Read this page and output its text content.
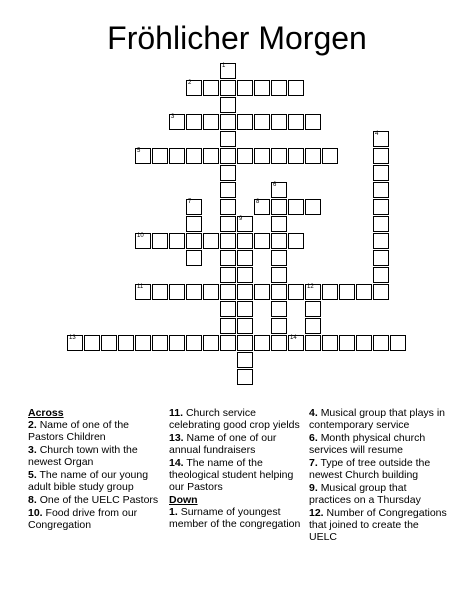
Fröhlicher Morgen
2
3
5
8
10
11	12
13	14
1
4
6
7
9
Across
2. Name of one of the Pastors Children
3. Church town with the newest Organ
5. The name of our young adult bible study group
8. One of the UELC Pastors
10. Food drive from our Congregation
11. Church service celebrating good crop yields
13. Name of one of our annual fundraisers
14. The name of the theological student helping our Pastors
Down
1. Surname of youngest member of the congregation
4. Musical group that plays in contemporary service
6. Month physical church services will resume
7. Type of tree outside the newest Church building
9. Musical group that practices on a Thursday
12. Number of Congregations that joined to create the UELC
